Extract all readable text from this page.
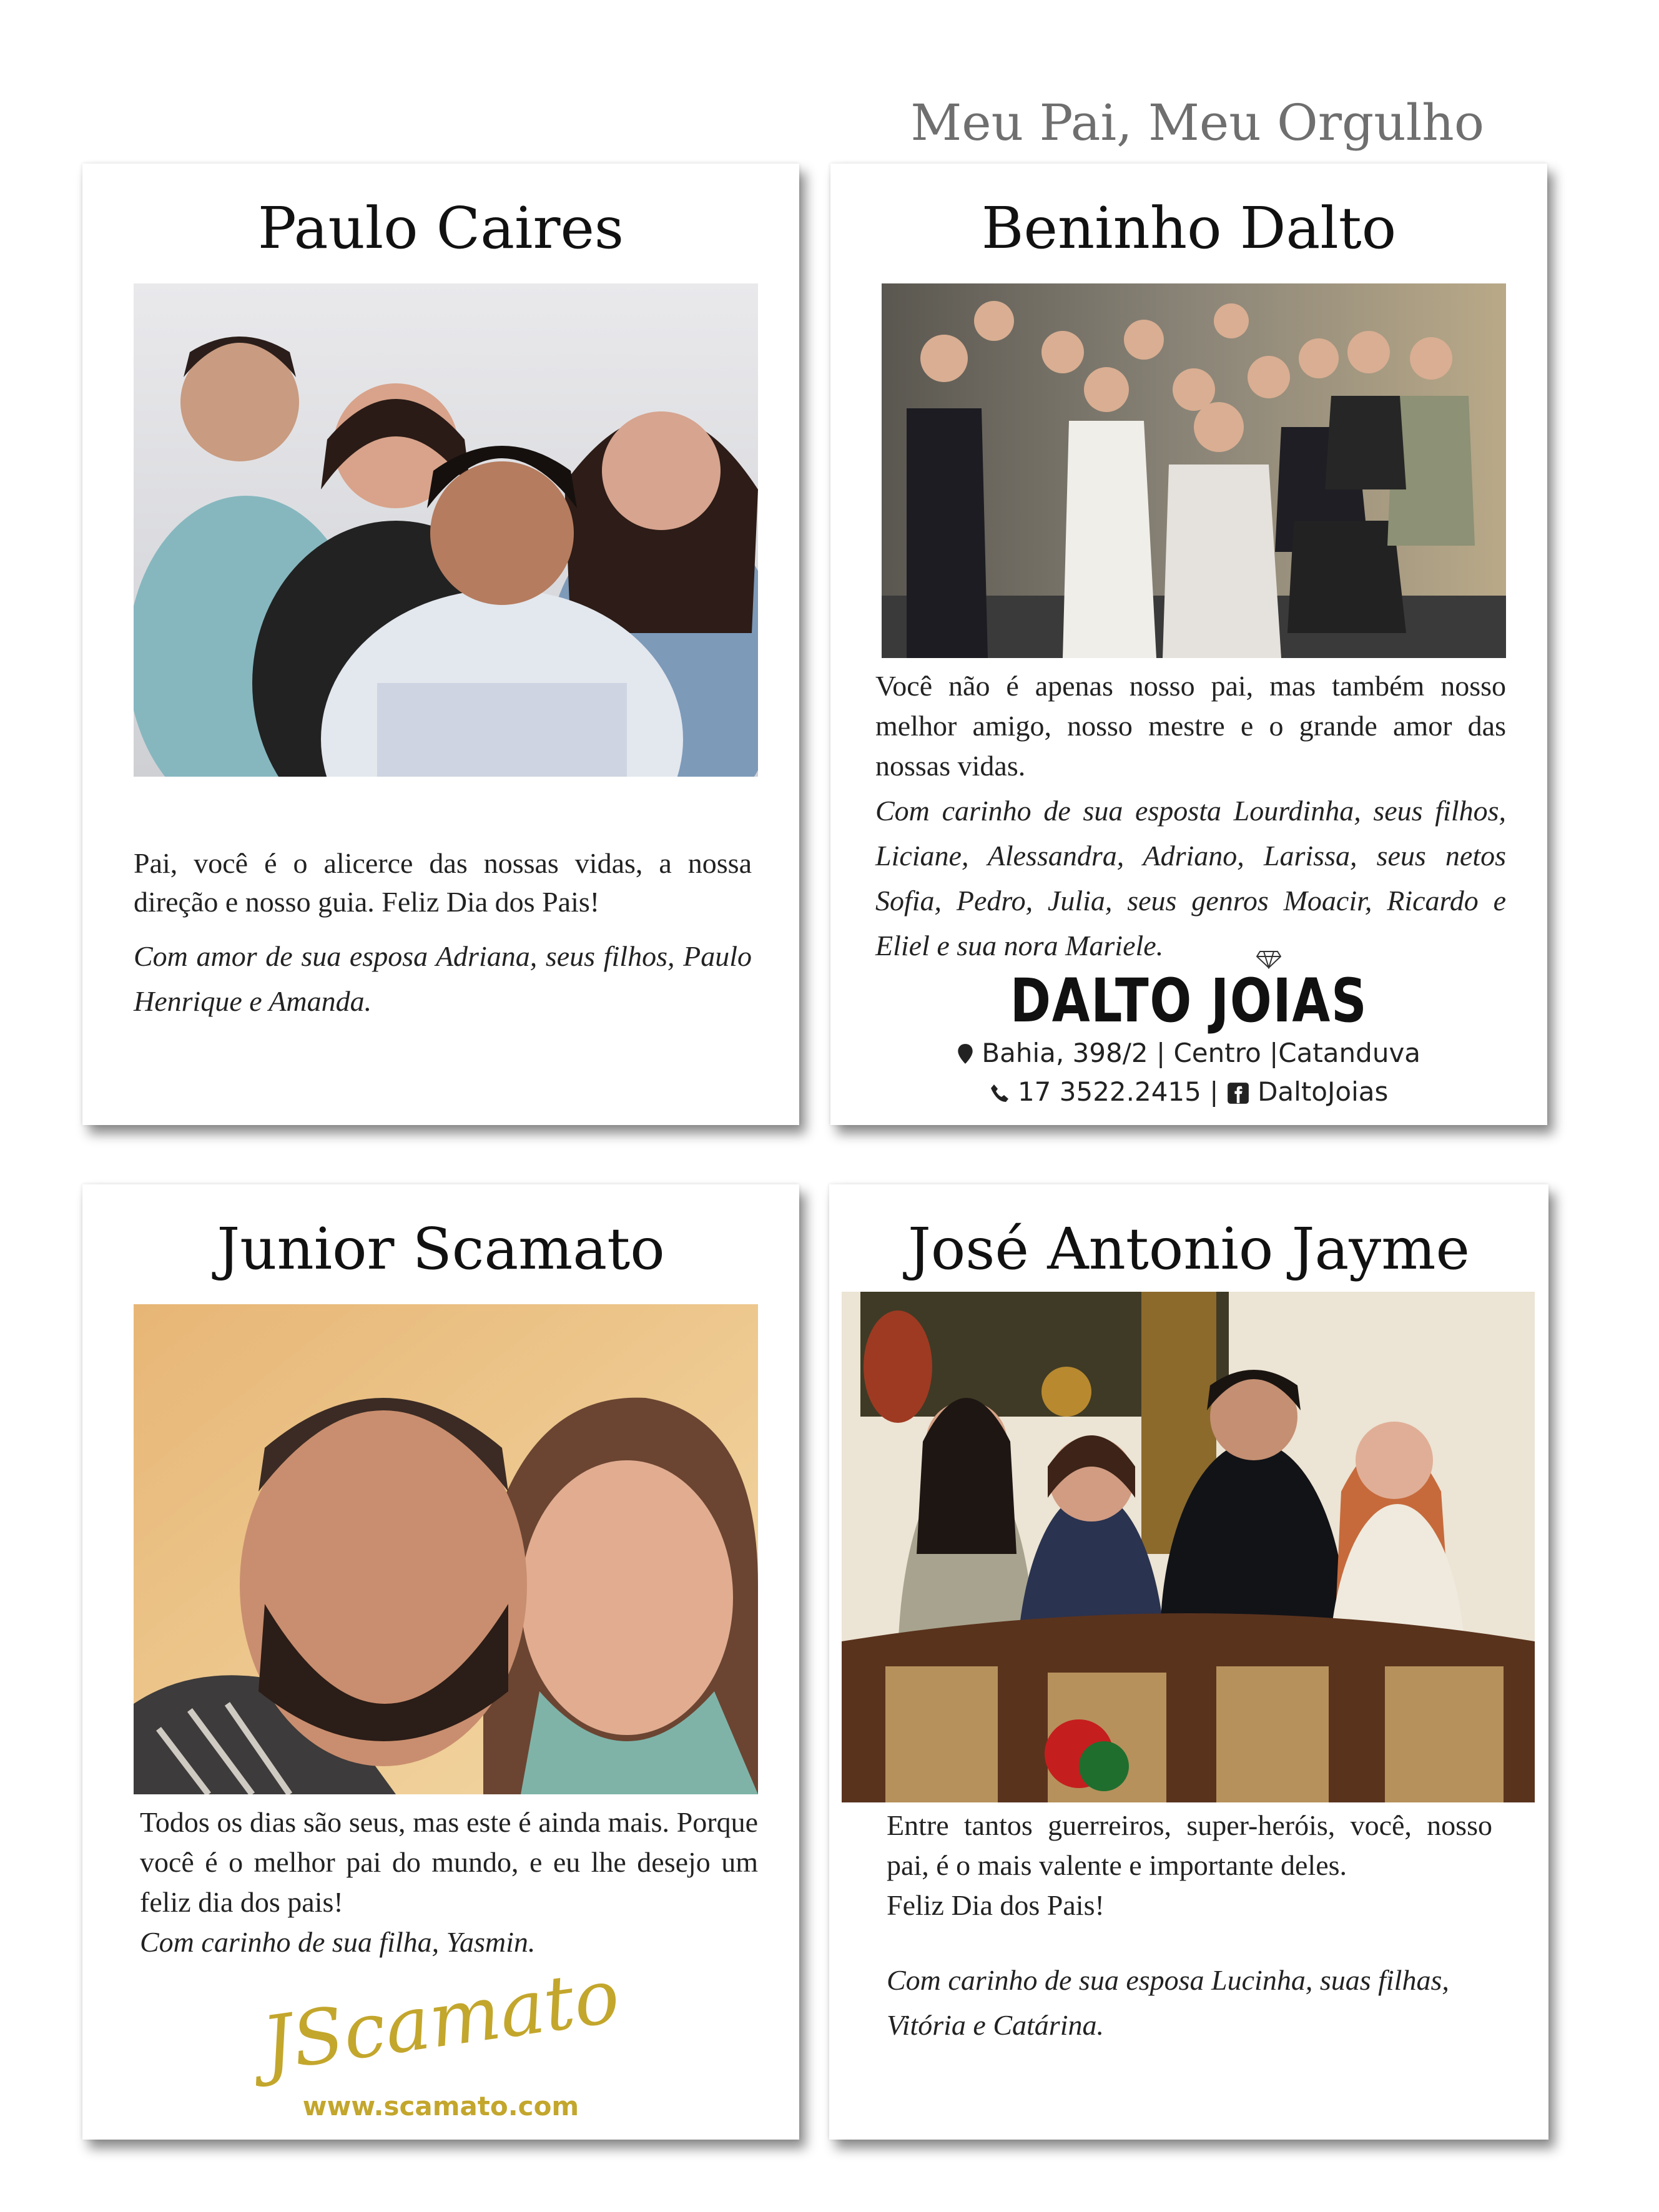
Meu Pai, Meu Orgulho
Paulo Caires

Pai, você é o alicerce das nossas vidas, a nossa direção e nosso guia. Feliz Dia dos Pais!

Com amor de sua esposa Adriana, seus filhos, Paulo Henrique e Amanda.

Beninho Dalto

Você não é apenas nosso pai, mas também nosso melhor amigo, nosso mestre e o grande amor das nossas vidas.

Com carinho de sua esposta Lourdinha, seus filhos, Liciane, Alessandra, Adriano, Larissa, seus netos Sofia, Pedro, Julia, seus genros Moacir, Ricardo e Eliel e sua nora Mariele.

DALTO JOIAS
Bahia, 398/2 | Centro |Catanduva
17 3522.2415 | DaltoJoias
Junior Scamato

Todos os dias são seus, mas este é ainda mais. Porque você é o melhor pai do mundo, e eu lhe desejo um feliz dia dos pais!

Com carinho de sua filha, Yasmin.

JScamato
www.scamato.com
José Antonio Jayme

Entre tantos guerreiros, super-heróis, você, nosso pai, é o mais valente e importante deles.

Feliz Dia dos Pais!

Com carinho de sua esposa Lucinha, suas filhas, Vitória e Catárina.
